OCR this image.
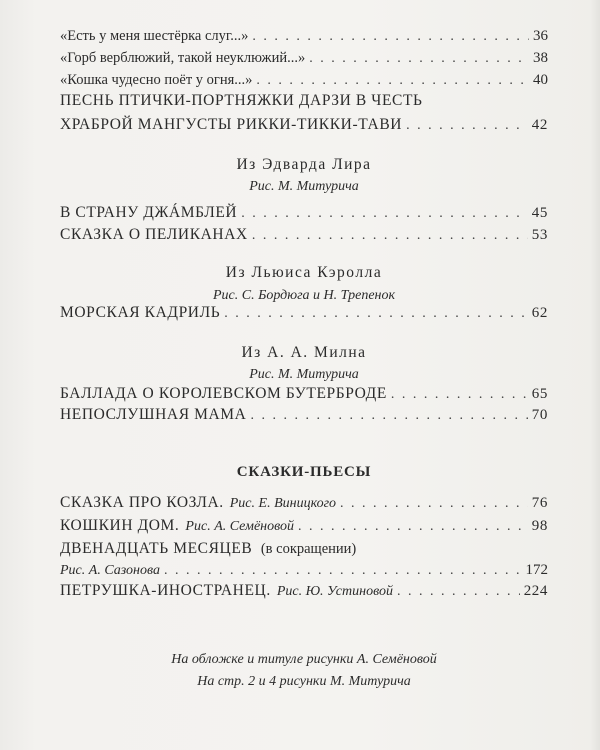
«Есть у меня шестёрка слуг...» . . .	36
«Горб верблюжий, такой неуклюжий...» . . .	38
«Кошка чудесно поёт у огня...» . . .	40
ПЕСНЬ ПТИЧКИ-ПОРТНЯЖКИ ДАРЗИ В ЧЕСТЬ
ХРАБРОЙ МАНГУСТЫ РИККИ-ТИККИ-ТАВИ . . .	42
Из Эдварда Лира
Рис. М. Митурича
В СТРАНУ ДЖÁМБЛЕЙ . . .	45
СКАЗКА О ПЕЛИКАНАХ . . .	53
Из Льюиса Кэролла
Рис. С. Бордюга и Н. Трепенок
МОРСКАЯ КАДРИЛЬ . . .	62
Из А. А. Милна
Рис. М. Митурича
БАЛЛАДА О КОРОЛЕВСКОМ БУТЕРБРОДЕ . . .	65
НЕПОСЛУШНАЯ МАМА . . .	70
СКАЗКИ-ПЬЕСЫ
СКАЗКА ПРО КОЗЛА. Рис. Е. Виницкого . . .	76
КОШКИН ДОМ. Рис. А. Семёновой . . .	98
ДВЕНАДЦАТЬ МЕСЯЦЕВ (в сокращении)
Рис. А. Сазонова . . .	172
ПЕТРУШКА-ИНОСТРАНЕЦ. Рис. Ю. Устиновой . . .	224
На обложке и титуле рисунки А. Семёновой
На стр. 2 и 4 рисунки М. Митурича
